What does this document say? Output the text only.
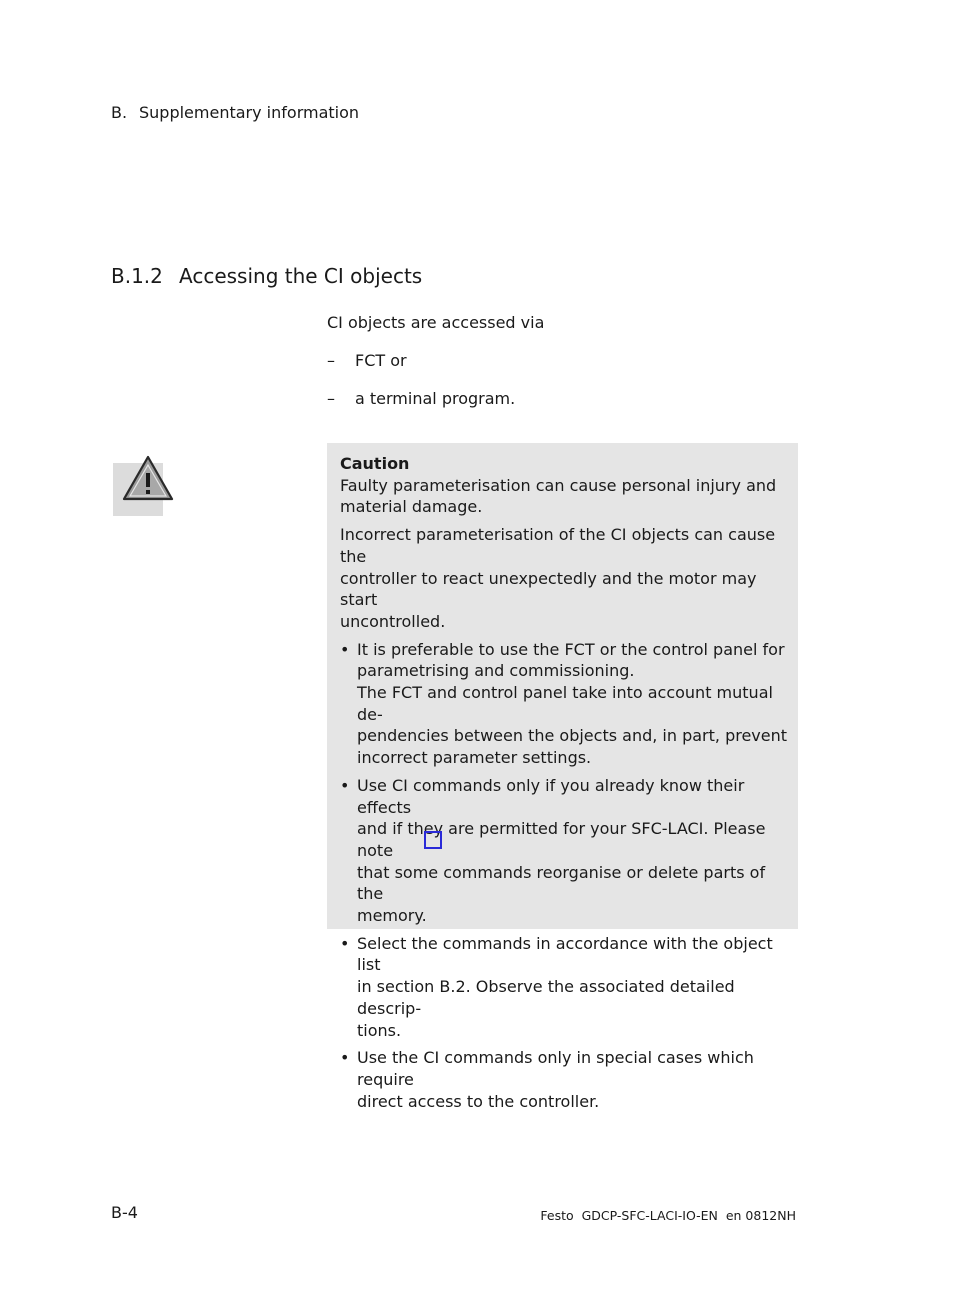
B. Supplementary information
B.1.2 Accessing the CI objects
CI objects are accessed via
– FCT or
– a terminal program.
Caution

Faulty parameterisation can cause personal injury and
material damage.

Incorrect parameterisation of the CI objects can cause the
controller to react unexpectedly and the motor may start
uncontrolled.

• It is preferable to use the FCT or the control panel for
parametrising and commissioning.
The FCT and control panel take into account mutual de-
pendencies between the objects and, in part, prevent
incorrect parameter settings.
• Use CI commands only if you already know their effects
and if they are permitted for your SFC-LACI. Please note
that some commands reorganise or delete parts of the
memory.
• Select the commands in accordance with the object list
in section B.2. Observe the associated detailed descrip-
tions.
• Use the CI commands only in special cases which require
direct access to the controller.
B-4	Festo  GDCP-SFC-LACI-IO-EN  en 0812NH
